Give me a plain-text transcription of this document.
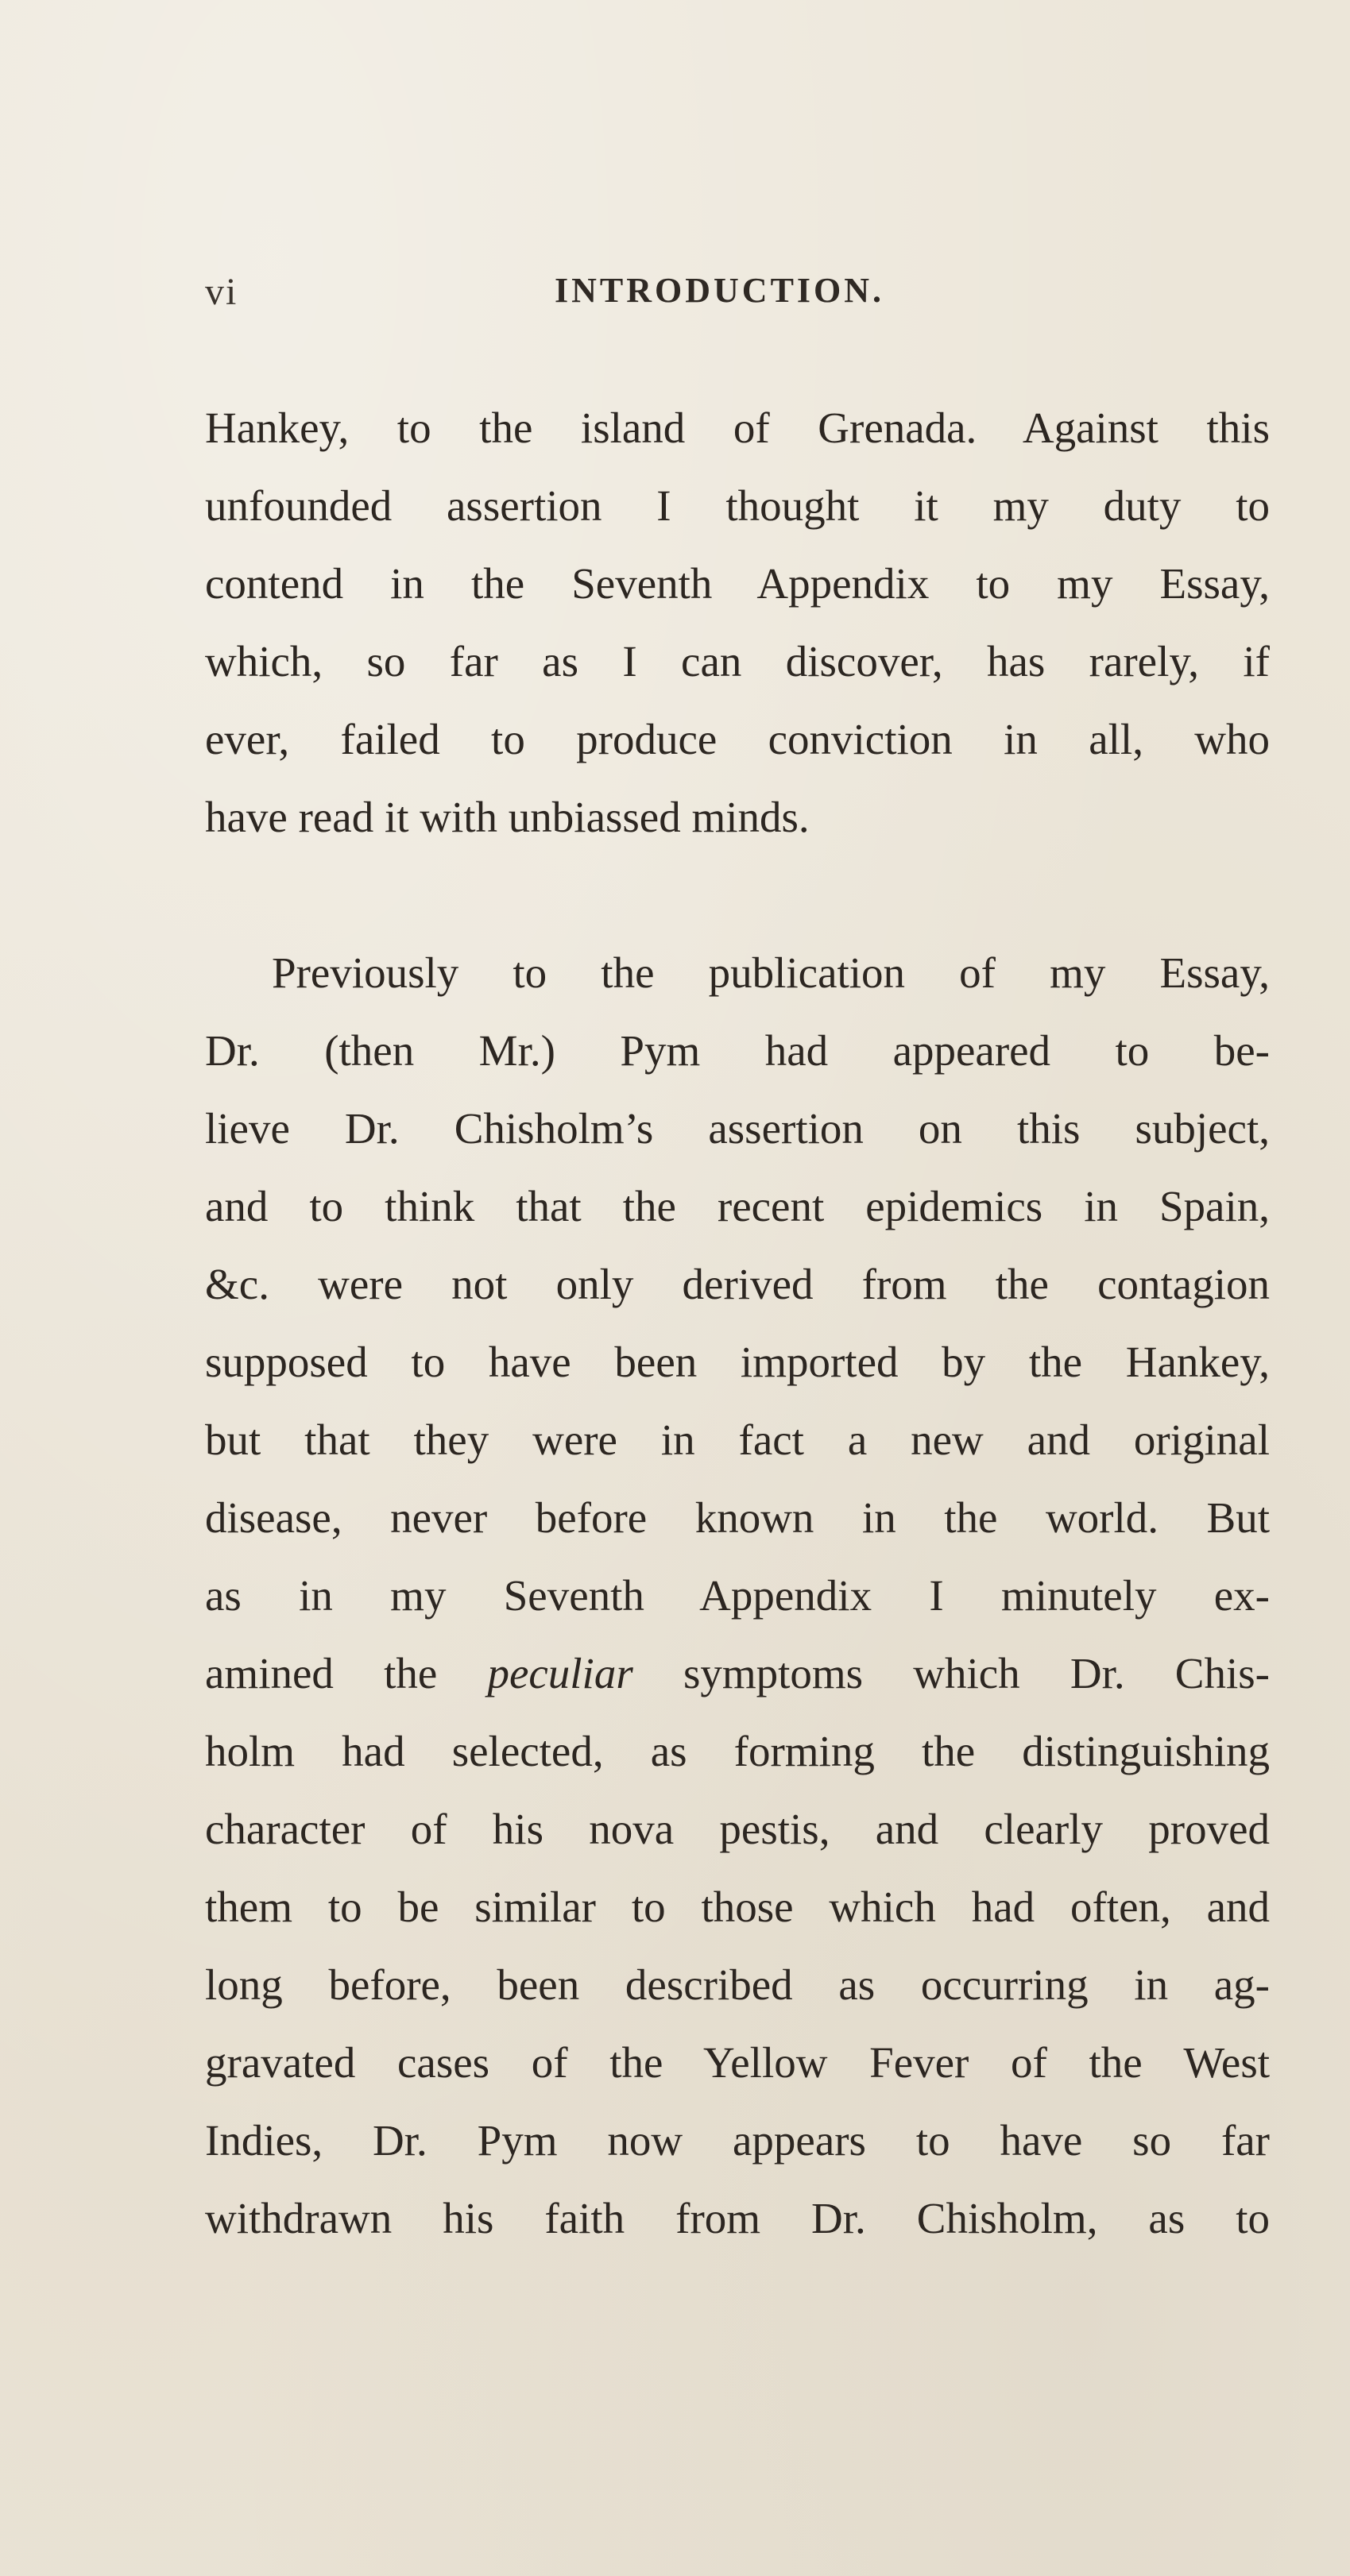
vi	INTRODUCTION.
Hankey, to the island of Grenada. Against this
unfounded assertion I thought it my duty to
contend in the Seventh Appendix to my Essay,
which, so far as I can discover, has rarely, if
ever, failed to produce conviction in all, who
have read it with unbiassed minds.
Previously to the publication of my Essay,
Dr. (then Mr.) Pym had appeared to be-
lieve Dr. Chisholm’s assertion on this subject,
and to think that the recent epidemics in Spain,
&c. were not only derived from the contagion
supposed to have been imported by the Hankey,
but that they were in fact a new and original
disease, never before known in the world. But
as in my Seventh Appendix I minutely ex-
amined the peculiar symptoms which Dr. Chis-
holm had selected, as forming the distinguishing
character of his nova pestis, and clearly proved
them to be similar to those which had often, and
long before, been described as occurring in ag-
gravated cases of the Yellow Fever of the West
Indies, Dr. Pym now appears to have so far
withdrawn his faith from Dr. Chisholm, as to
